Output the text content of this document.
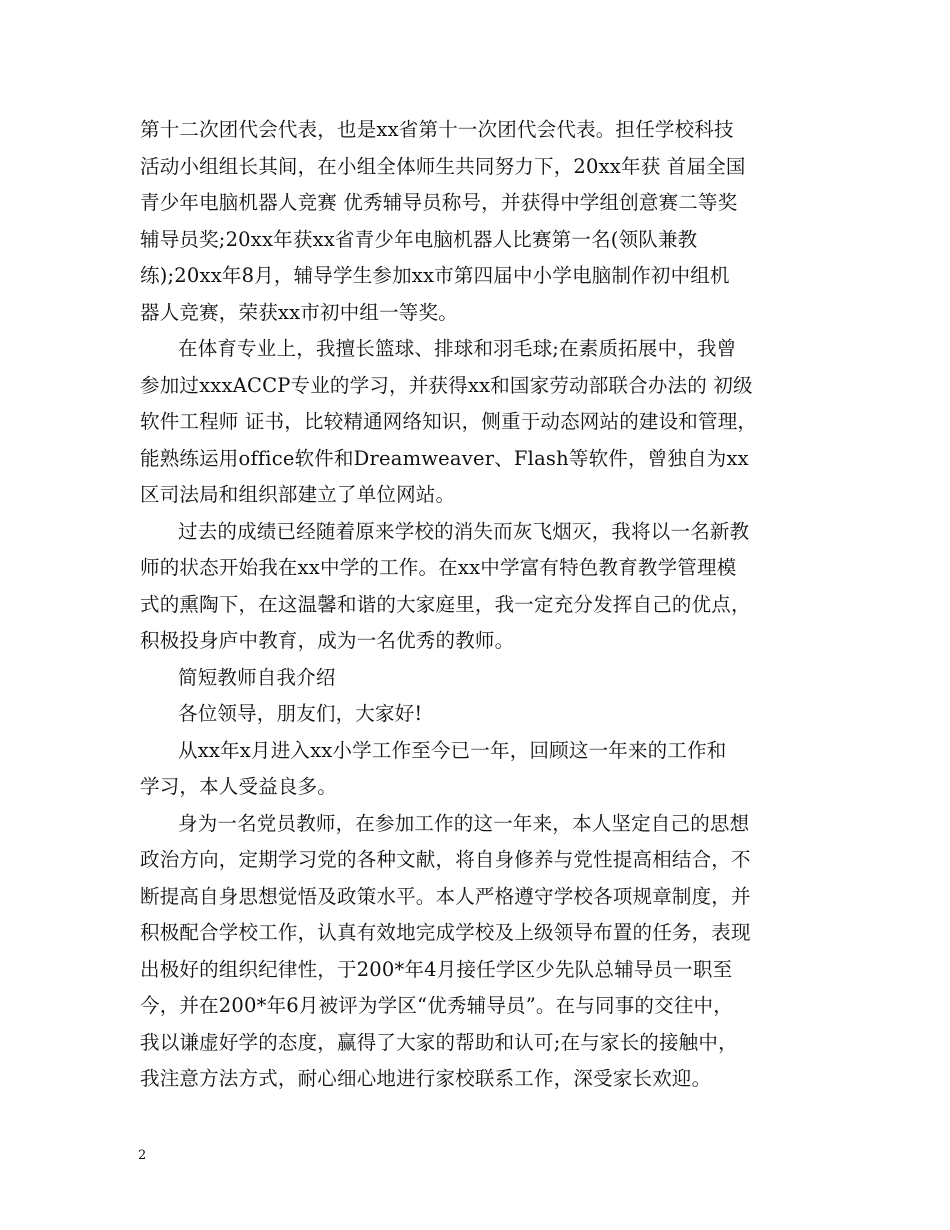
第十二次团代会代表，也是xx省第十一次团代会代表。担任学校科技
活动小组组长其间，在小组全体师生共同努力下，20xx年获 首届全国
青少年电脑机器人竞赛 优秀辅导员称号，并获得中学组创意赛二等奖
辅导员奖;20xx年获xx省青少年电脑机器人比赛第一名(领队兼教
练);20xx年8月，辅导学生参加xx市第四届中小学电脑制作初中组机
器人竞赛，荣获xx市初中组一等奖。
在体育专业上，我擅长篮球、排球和羽毛球;在素质拓展中，我曾
参加过xxxACCP专业的学习，并获得xx和国家劳动部联合办法的 初级
软件工程师 证书，比较精通网络知识，侧重于动态网站的建设和管理，
能熟练运用office软件和Dreamweaver、Flash等软件，曾独自为xx
区司法局和组织部建立了单位网站。
过去的成绩已经随着原来学校的消失而灰飞烟灭，我将以一名新教
师的状态开始我在xx中学的工作。在xx中学富有特色教育教学管理模
式的熏陶下，在这温馨和谐的大家庭里，我一定充分发挥自己的优点，
积极投身庐中教育，成为一名优秀的教师。
简短教师自我介绍
各位领导，朋友们，大家好!
从xx年x月进入xx小学工作至今已一年，回顾这一年来的工作和
学习，本人受益良多。
身为一名党员教师，在参加工作的这一年来，本人坚定自己的思想
政治方向，定期学习党的各种文献，将自身修养与党性提高相结合，不
断提高自身思想觉悟及政策水平。本人严格遵守学校各项规章制度，并
积极配合学校工作，认真有效地完成学校及上级领导布置的任务，表现
出极好的组织纪律性，于200*年4月接任学区少先队总辅导员一职至
今，并在200*年6月被评为学区“优秀辅导员”。在与同事的交往中，
我以谦虚好学的态度，赢得了大家的帮助和认可;在与家长的接触中，
我注意方法方式，耐心细心地进行家校联系工作，深受家长欢迎。
2
